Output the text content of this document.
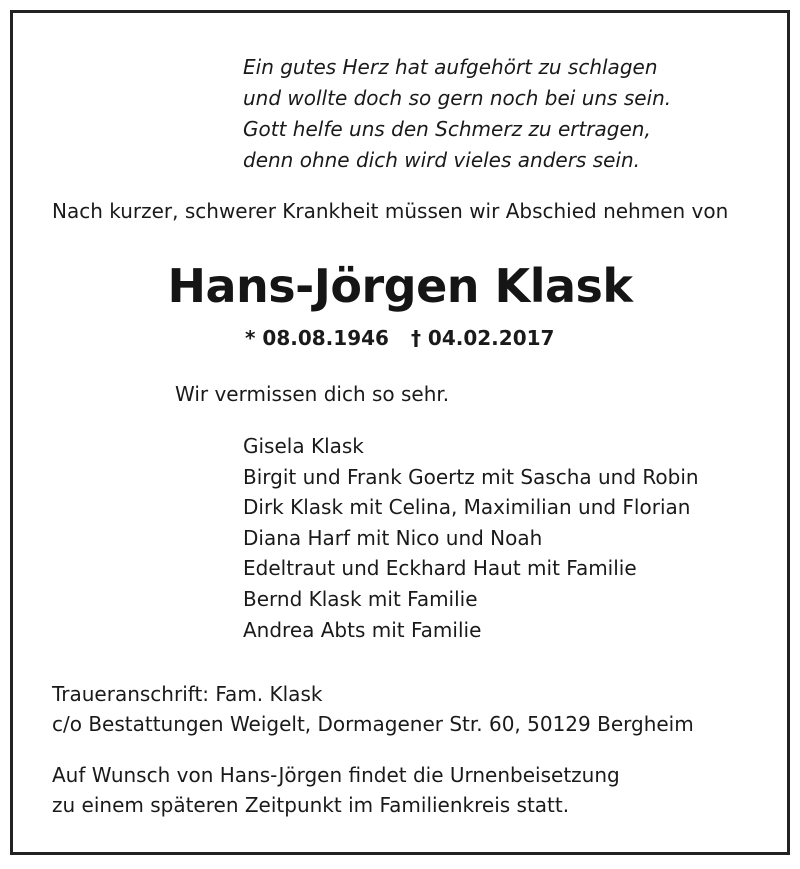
Ein gutes Herz hat aufgehört zu schlagen
und wollte doch so gern noch bei uns sein.
Gott helfe uns den Schmerz zu ertragen,
denn ohne dich wird vieles anders sein.
Nach kurzer, schwerer Krankheit müssen wir Abschied nehmen von
Hans-Jörgen Klask
* 08.08.1946 † 04.02.2017
Wir vermissen dich so sehr.
Gisela Klask
Birgit und Frank Goertz mit Sascha und Robin
Dirk Klask mit Celina, Maximilian und Florian
Diana Harf mit Nico und Noah
Edeltraut und Eckhard Haut mit Familie
Bernd Klask mit Familie
Andrea Abts mit Familie
Traueranschrift: Fam. Klask
c/o Bestattungen Weigelt, Dormagener Str. 60, 50129 Bergheim
Auf Wunsch von Hans-Jörgen findet die Urnenbeisetzung
zu einem späteren Zeitpunkt im Familienkreis statt.
